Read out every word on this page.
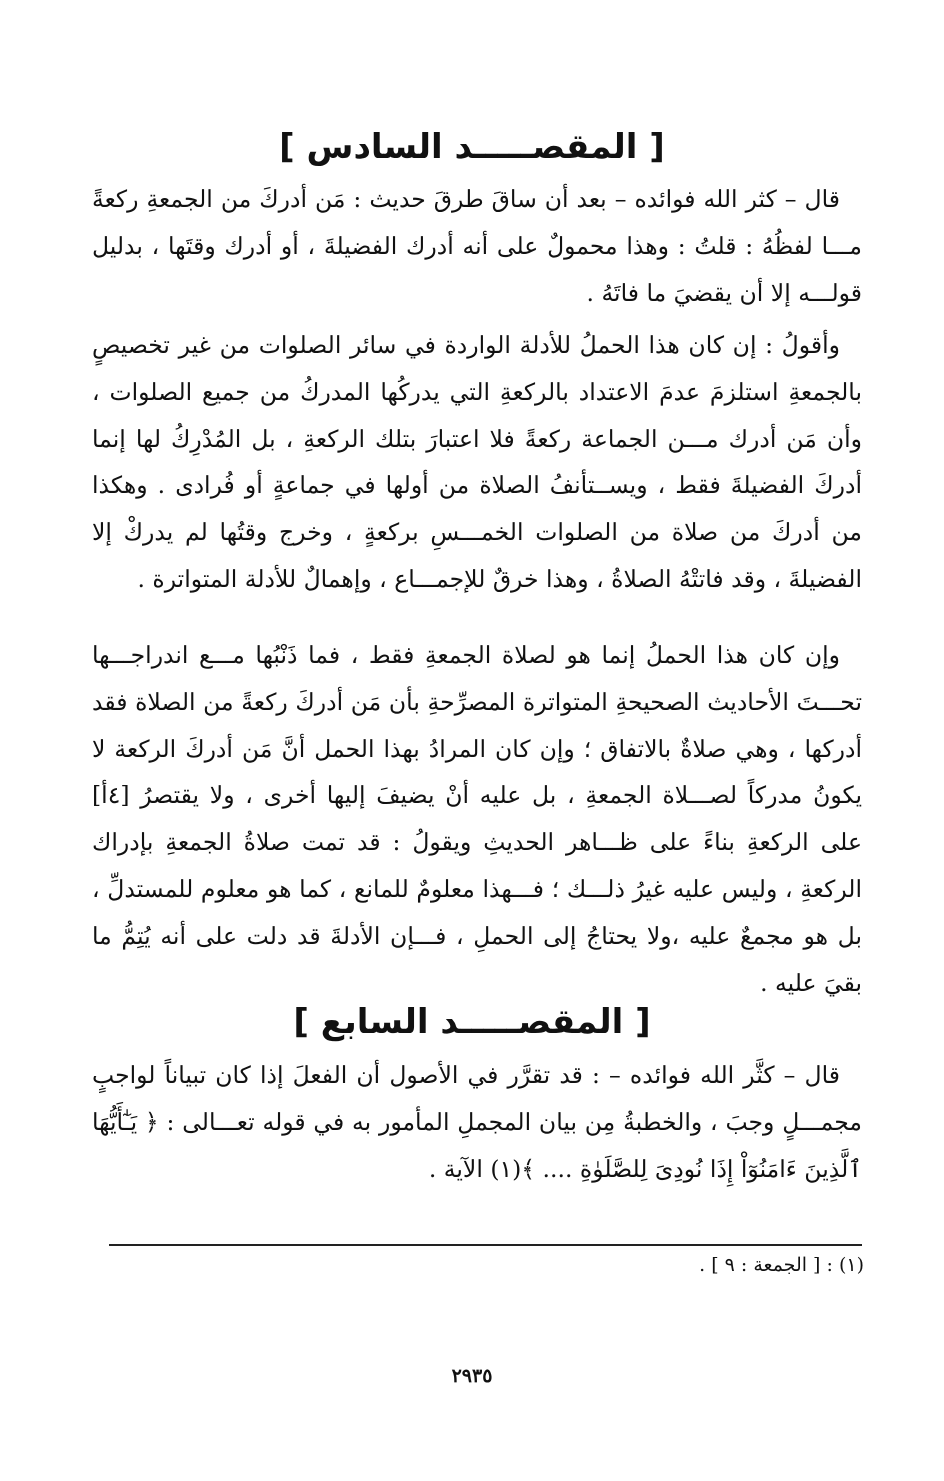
[ المقصـــــد السادس ]

قال – كثر الله فوائده – بعد أن ساقَ طرقَ حديث : مَن أدركَ من الجمعةِ ركعةً مـــا لفظُهُ : قلتُ : وهذا محمولٌ على أنه أدرك الفضيلةَ ، أو أدرك وقتَها ، بدليل قولـــه إلا أن يقضيَ ما فاتَهُ .

وأقولُ : إن كان هذا الحملُ للأدلة الواردة في سائر الصلوات من غير تخصيصٍ بالجمعةِ استلزمَ عدمَ الاعتداد بالركعةِ التي يدركُها المدركُ من جميع الصلوات ، وأن مَن أدرك مـــن الجماعة ركعةً فلا اعتبارَ بتلك الركعةِ ، بل المُدْرِكُ لها إنما أدركَ الفضيلةَ فقط ، ويســتأنفُ الصلاة من أولها في جماعةٍ أو فُرادى . وهكذا من أدركَ من صلاة من الصلوات الخمـــسِ بركعةٍ ، وخرج وقتُها لم يدركْ إلا الفضيلةَ ، وقد فاتتْهُ الصلاةُ ، وهذا خرقٌ للإجمـــاع ، وإهمالٌ للأدلة المتواترة .

وإن كان هذا الحملُ إنما هو لصلاة الجمعةِ فقط ، فما ذَنْبُها مـــع اندراجـــها تحـــتَ الأحاديث الصحيحةِ المتواترة المصرِّحةِ بأن مَن أدركَ ركعةً من الصلاة فقد أدركها ، وهي صلاةٌ بالاتفاق ؛ وإن كان المرادُ بهذا الحمل أنَّ مَن أدركَ الركعة لا يكونُ مدركاً لصـــلاة الجمعةِ ، بل عليه أنْ يضيفَ إليها أخرى ، ولا يقتصرُ [٤أ] على الركعةِ بناءً على ظـــاهر الحديثِ ويقولُ : قد تمت صلاةُ الجمعةِ بإدراك الركعةِ ، وليس عليه غيرُ ذلـــك ؛ فـــهذا معلومٌ للمانع ، كما هو معلوم للمستدلِّ ، بل هو مجمعٌ عليه ،ولا يحتاجُ إلى الحملِ ، فـــإن الأدلةَ قد دلت على أنه يُتِمُّ ما بقيَ عليه .

[ المقصـــــد السابع ]

قال – كثَّر الله فوائده – : قد تقرَّر في الأصول أن الفعلَ إذا كان تبياناً لواجبٍ مجمـــلٍ وجبَ ، والخطبةُ مِن بيان المجملِ المأمور به في قوله تعـــالى : ﴿ يَـٰٓأَيُّهَا ٱلَّذِينَ ءَامَنُوٓاْ إِذَا نُودِىَ لِلصَّلَوٰةِ .... ﴾(١) الآية .

(١) : [ الجمعة : ٩ ] .
٢٩٣٥
